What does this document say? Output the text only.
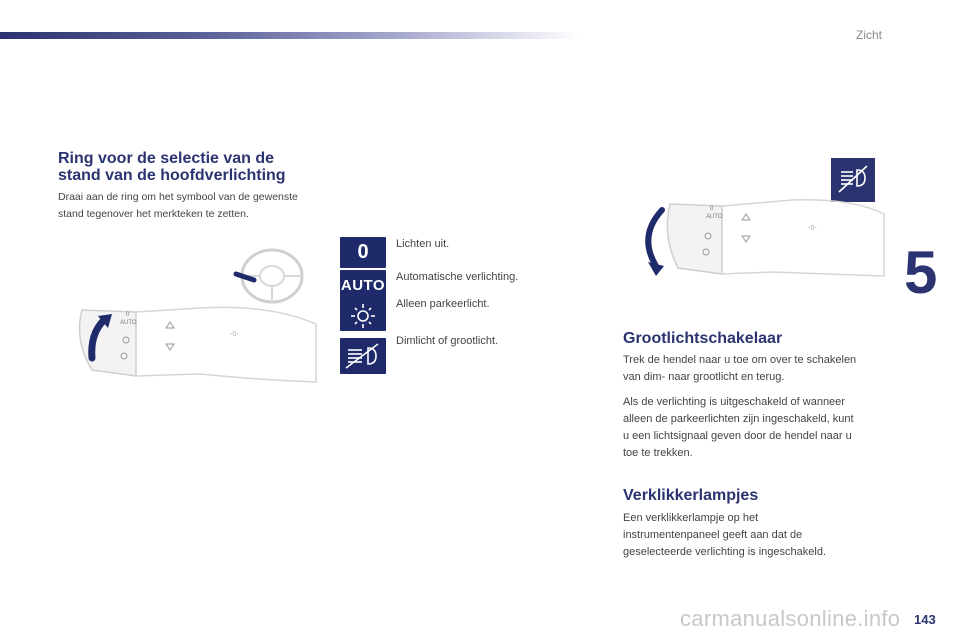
Zicht
5
Ring voor de selectie van de
stand van de hoofdverlichting
Draai aan de ring om het symbool van de gewenste
stand tegenover het merkteken te zetten.
AUTO
0
-0-
0	Lichten uit.
AUTO Automatische verlichting.
Alleen parkeerlicht.
Dimlicht of grootlicht.
AUTO
0
-0-
Grootlichtschakelaar
Trek de hendel naar u toe om over te schakelen
van dim- naar grootlicht en terug.
Als de verlichting is uitgeschakeld of wanneer
alleen de parkeerlichten zijn ingeschakeld, kunt
u een lichtsignaal geven door de hendel naar u
toe te trekken.
Verklikkerlampjes
Een verklikkerlampje op het
instrumentenpaneel geeft aan dat de
geselecteerde verlichting is ingeschakeld.
carmanualsonline.info 143
